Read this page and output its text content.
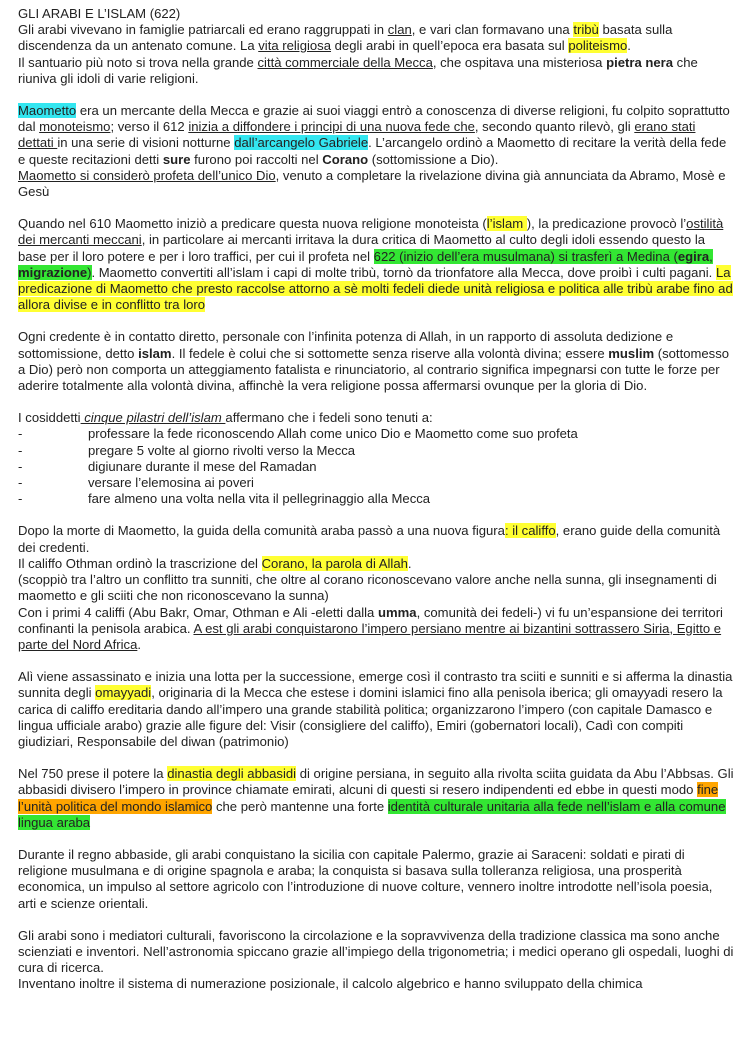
GLI ARABI E L’ISLAM (622)

Gli arabi vivevano in famiglie patriarcali ed erano raggruppati in clan, e vari clan formavano una tribù basata sulla discendenza da un antenato comune. La vita religiosa degli arabi in quell’epoca era basata sul politeismo.
Il santuario più noto si trova nella grande città commerciale della Mecca, che ospitava una misteriosa pietra nera che riuniva gli idoli di varie religioni.

Maometto era un mercante della Mecca e grazie ai suoi viaggi entrò a conoscenza di diverse religioni, fu colpito soprattutto dal monoteismo; verso il 612 inizia a diffondere i principi di una nuova fede che, secondo quanto rilevò, gli erano stati dettati in una serie di visioni notturne dall’arcangelo Gabriele. L’arcangelo ordinò a Maometto di recitare la verità della fede e queste recitazioni detti sure furono poi raccolti nel Corano (sottomissione a Dio).
Maometto si considerò profeta dell’unico Dio, venuto a completare la rivelazione divina già annunciata da Abramo, Mosè e Gesù

Quando nel 610 Maometto iniziò a predicare questa nuova religione monoteista (l’islam ), la predicazione provocò l’ostilità dei mercanti meccani, in particolare ai mercanti irritava la dura critica di Maometto al culto degli idoli essendo questo la base per il loro potere e per i loro traffici, per cui il profeta nel 622 (inizio dell’era musulmana) si trasferì a Medina (egira, migrazione). Maometto convertiti all’islam i capi di molte tribù, tornò da trionfatore alla Mecca, dove proibì i culti pagani. La predicazione di Maometto che presto raccolse attorno a sè molti fedeli diede unità religiosa e politica alle tribù arabe fino ad allora divise e in conflitto tra loro

Ogni credente è in contatto diretto, personale con l’infinita potenza di Allah, in un rapporto di assoluta dedizione e sottomissione, detto islam. Il fedele è colui che si sottomette senza riserve alla volontà divina; essere muslim (sottomesso a Dio) però non comporta un atteggiamento fatalista e rinunciatorio, al contrario significa impegnarsi con tutte le forze per aderire totalmente alla volontà divina, affinchè la vera religione possa affermarsi ovunque per la gloria di Dio.

I cosiddetti cinque pilastri dell’islam affermano che i fedeli sono tenuti a:
-	professare la fede riconoscendo Allah come unico Dio e Maometto come suo profeta
-	pregare 5 volte al giorno rivolti verso la Mecca
-	digiunare durante il mese del Ramadan
-	versare l’elemosina ai poveri
-	fare almeno una volta nella vita il pellegrinaggio alla Mecca

Dopo la morte di Maometto, la guida della comunità araba passò a una nuova figura: il califfo, erano guide della comunità dei credenti.
Il califfo Othman ordinò la trascrizione del Corano, la parola di Allah.
(scoppiò tra l’altro un conflitto tra sunniti, che oltre al corano riconoscevano valore anche nella sunna, gli insegnamenti di maometto e gli sciiti che non riconoscevano la sunna)
Con i primi 4 califfi (Abu Bakr, Omar, Othman e Ali -eletti dalla umma, comunità dei fedeli-) vi fu un’espansione dei territori confinanti la penisola arabica. A est gli arabi conquistarono l’impero persiano mentre ai bizantini sottrassero Siria, Egitto e parte del Nord Africa.

Alì viene assassinato e inizia una lotta per la successione, emerge così il contrasto tra sciiti e sunniti e si afferma la dinastia sunnita degli omayyadi, originaria di la Mecca che estese i domini islamici fino alla penisola iberica; gli omayyadi resero la carica di califfo ereditaria dando all’impero una grande stabilità politica; organizzarono l’impero (con capitale Damasco e lingua ufficiale arabo) grazie alle figure del: Visir (consigliere del califfo), Emiri (gobernatori locali), Cadì con compiti giudiziari, Responsabile del diwan (patrimonio)

Nel 750 prese il potere la dinastia degli abbasidi di origine persiana, in seguito alla rivolta sciita guidata da Abu l’Abbsas. Gli abbasidi divisero l’impero in province chiamate emirati, alcuni di questi si resero indipendenti ed ebbe in questi modo fine l’unità politica del mondo islamico che però mantenne una forte identità culturale unitaria alla fede nell’islam e alla comune lingua araba

Durante il regno abbaside, gli arabi conquistano la sicilia con capitale Palermo, grazie ai Saraceni: soldati e pirati di religione musulmana e di origine spagnola e araba; la conquista si basava sulla tolleranza religiosa, una prosperità economica, un impulso al settore agricolo con l’introduzione di nuove colture, vennero inoltre introdotte nell’isola poesia, arti e scienze orientali.

Gli arabi sono i mediatori culturali, favoriscono la circolazione e la sopravvivenza della tradizione classica ma sono anche scienziati e inventori. Nell’astronomia spiccano grazie all’impiego della trigonometria; i medici operano gli ospedali, luoghi di cura di ricerca.
Inventano inoltre il sistema di numerazione posizionale, il calcolo algebrico e hanno sviluppato della chimica
